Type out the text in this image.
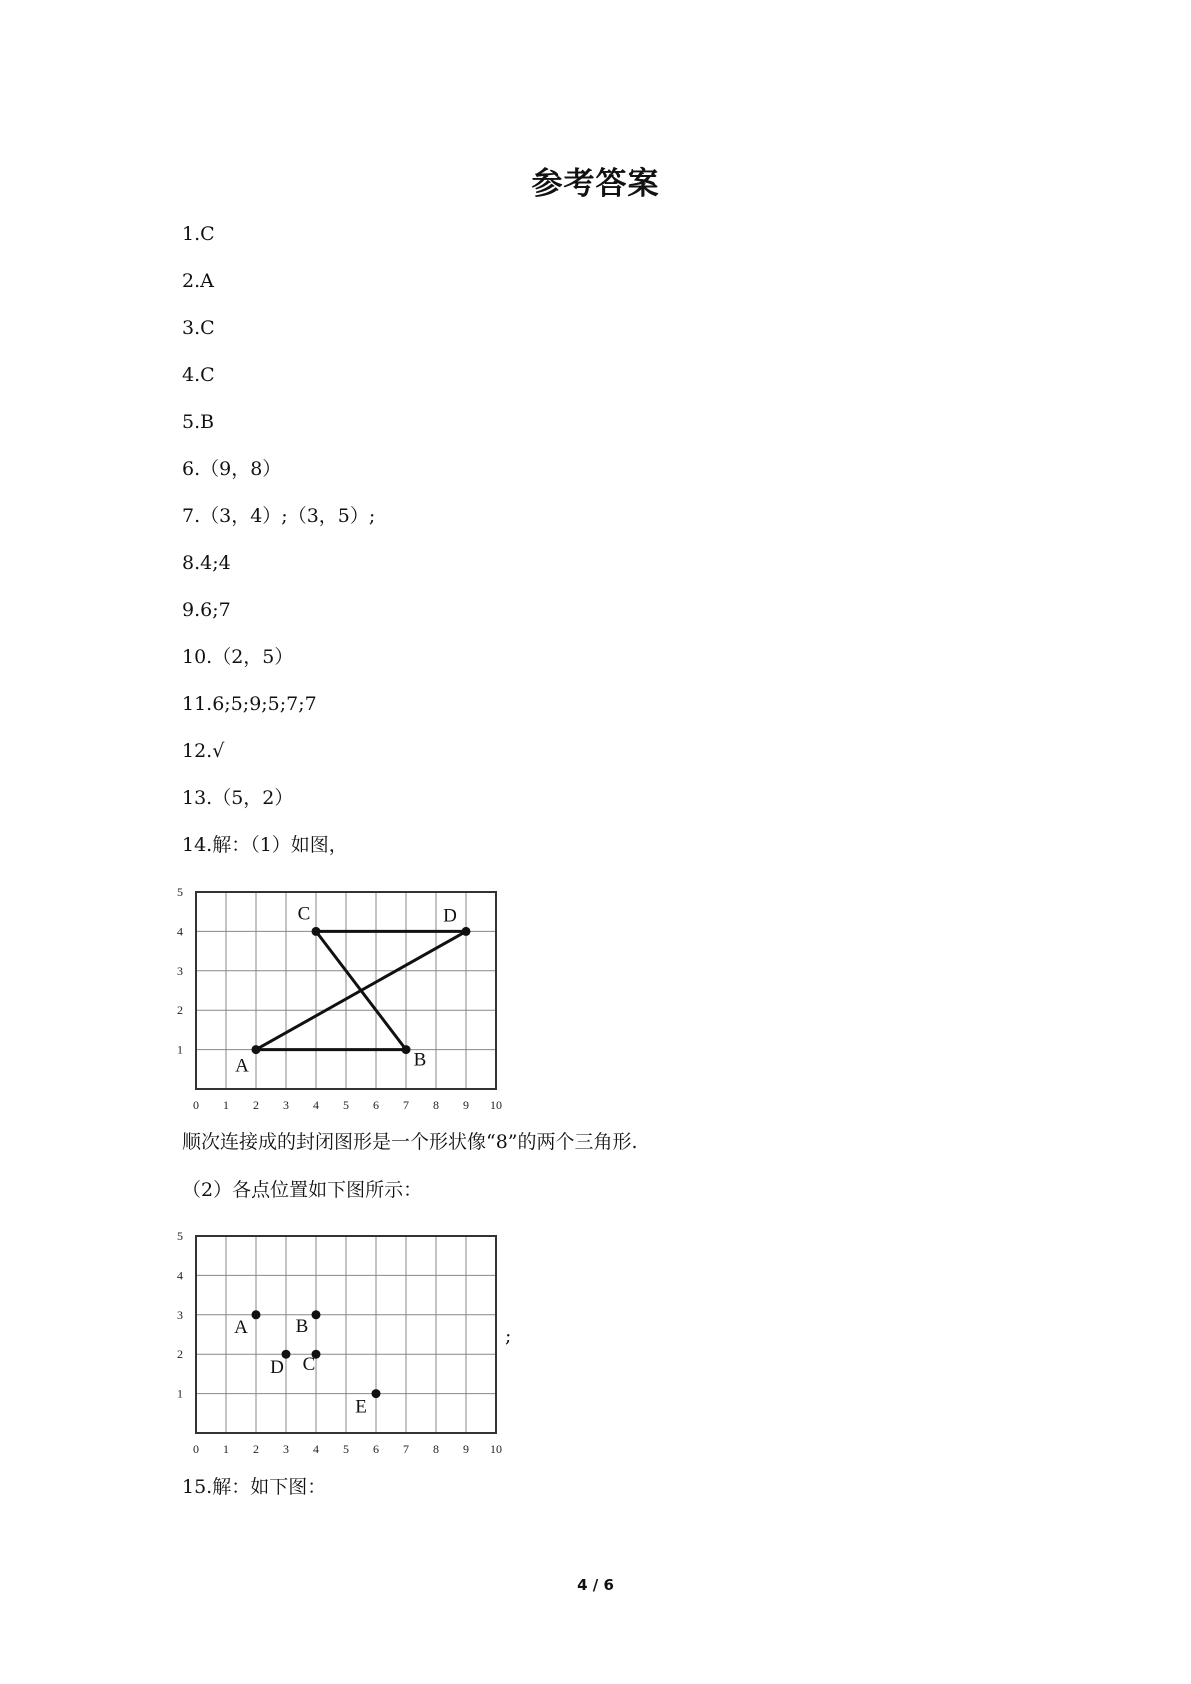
参考答案
1.C
2.A
3.C
4.C
5.B
6.（9，8）
7.（3，4）;（3，5）;
8.4;4
9.6;7
10.（2，5）
11.6;5;9;5;7;7
12.√
13.（5，2）
14.解：（1）如图，
0 1 2 3 4 5 6 7 8 9 10
1
2
3
4
5
A	B
C	D
顺次连接成的封闭图形是一个形状像“8”的两个三角形.
（2）各点位置如下图所示：
0 1 2 3 4 5 6 7 8 9 10
1
2
3
4
5
A	B
C
D
E
;
15.解：如下图：
4 / 6
